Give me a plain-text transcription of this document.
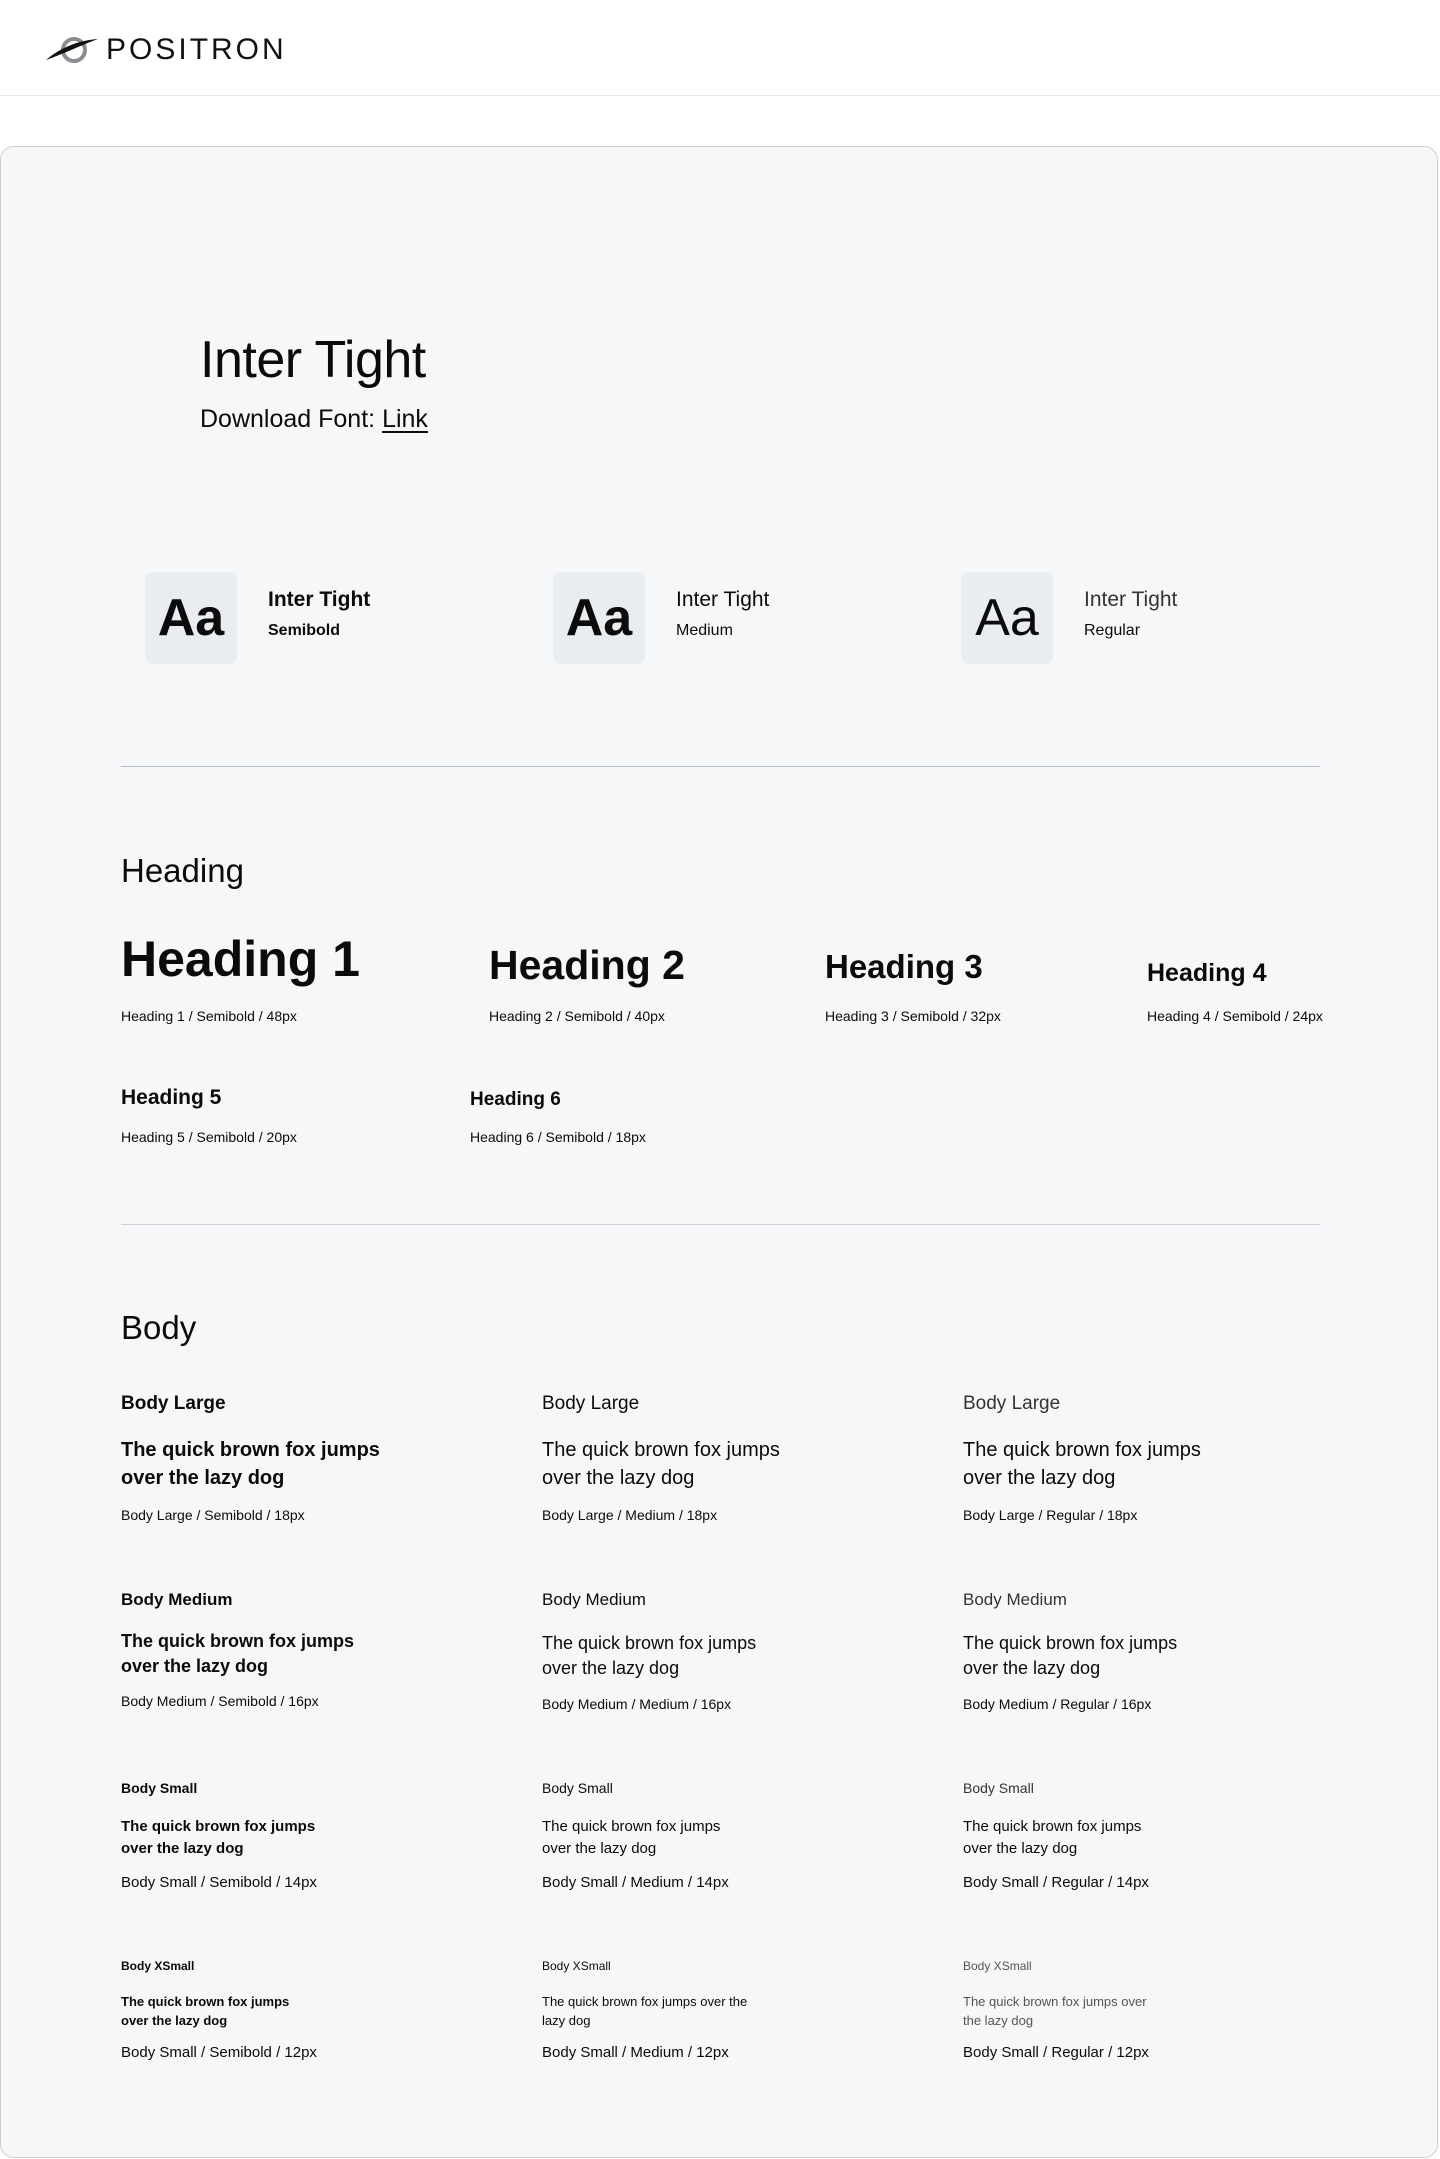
POSITRON
Inter Tight
Download Font: Link
Aa	Inter Tight
Semibold	Aa	Inter Tight
Medium	Aa	Inter Tight
Regular
Heading
Heading 1
Heading 1 / Semibold / 48px
Heading 2
Heading 2 / Semibold / 40px
Heading 3
Heading 3 / Semibold / 32px
Heading 4
Heading 4 / Semibold / 24px
Heading 5
Heading 5 / Semibold / 20px
Heading 6
Heading 6 / Semibold / 18px
Body
Body Large
The quick brown fox jumps over the lazy dog
Body Large / Semibold / 18px
Body Large
The quick brown fox jumps over the lazy dog
Body Large / Medium / 18px
Body Large
The quick brown fox jumps over the lazy dog
Body Large / Regular / 18px
Body Medium
The quick brown fox jumps over the lazy dog
Body Medium / Semibold / 16px
Body Medium
The quick brown fox jumps over the lazy dog
Body Medium / Medium / 16px
Body Medium
The quick brown fox jumps over the lazy dog
Body Medium / Regular / 16px
Body Small
The quick brown fox jumps over the lazy dog
Body Small / Semibold / 14px
Body Small
The quick brown fox jumps over the lazy dog
Body Small / Medium / 14px
Body Small
The quick brown fox jumps over the lazy dog
Body Small / Regular / 14px
Body XSmall
The quick brown fox jumps over the lazy dog
Body Small / Semibold / 12px
Body XSmall
The quick brown fox jumps over the lazy dog
Body Small / Medium / 12px
Body XSmall
The quick brown fox jumps over the lazy dog
Body Small / Regular / 12px
